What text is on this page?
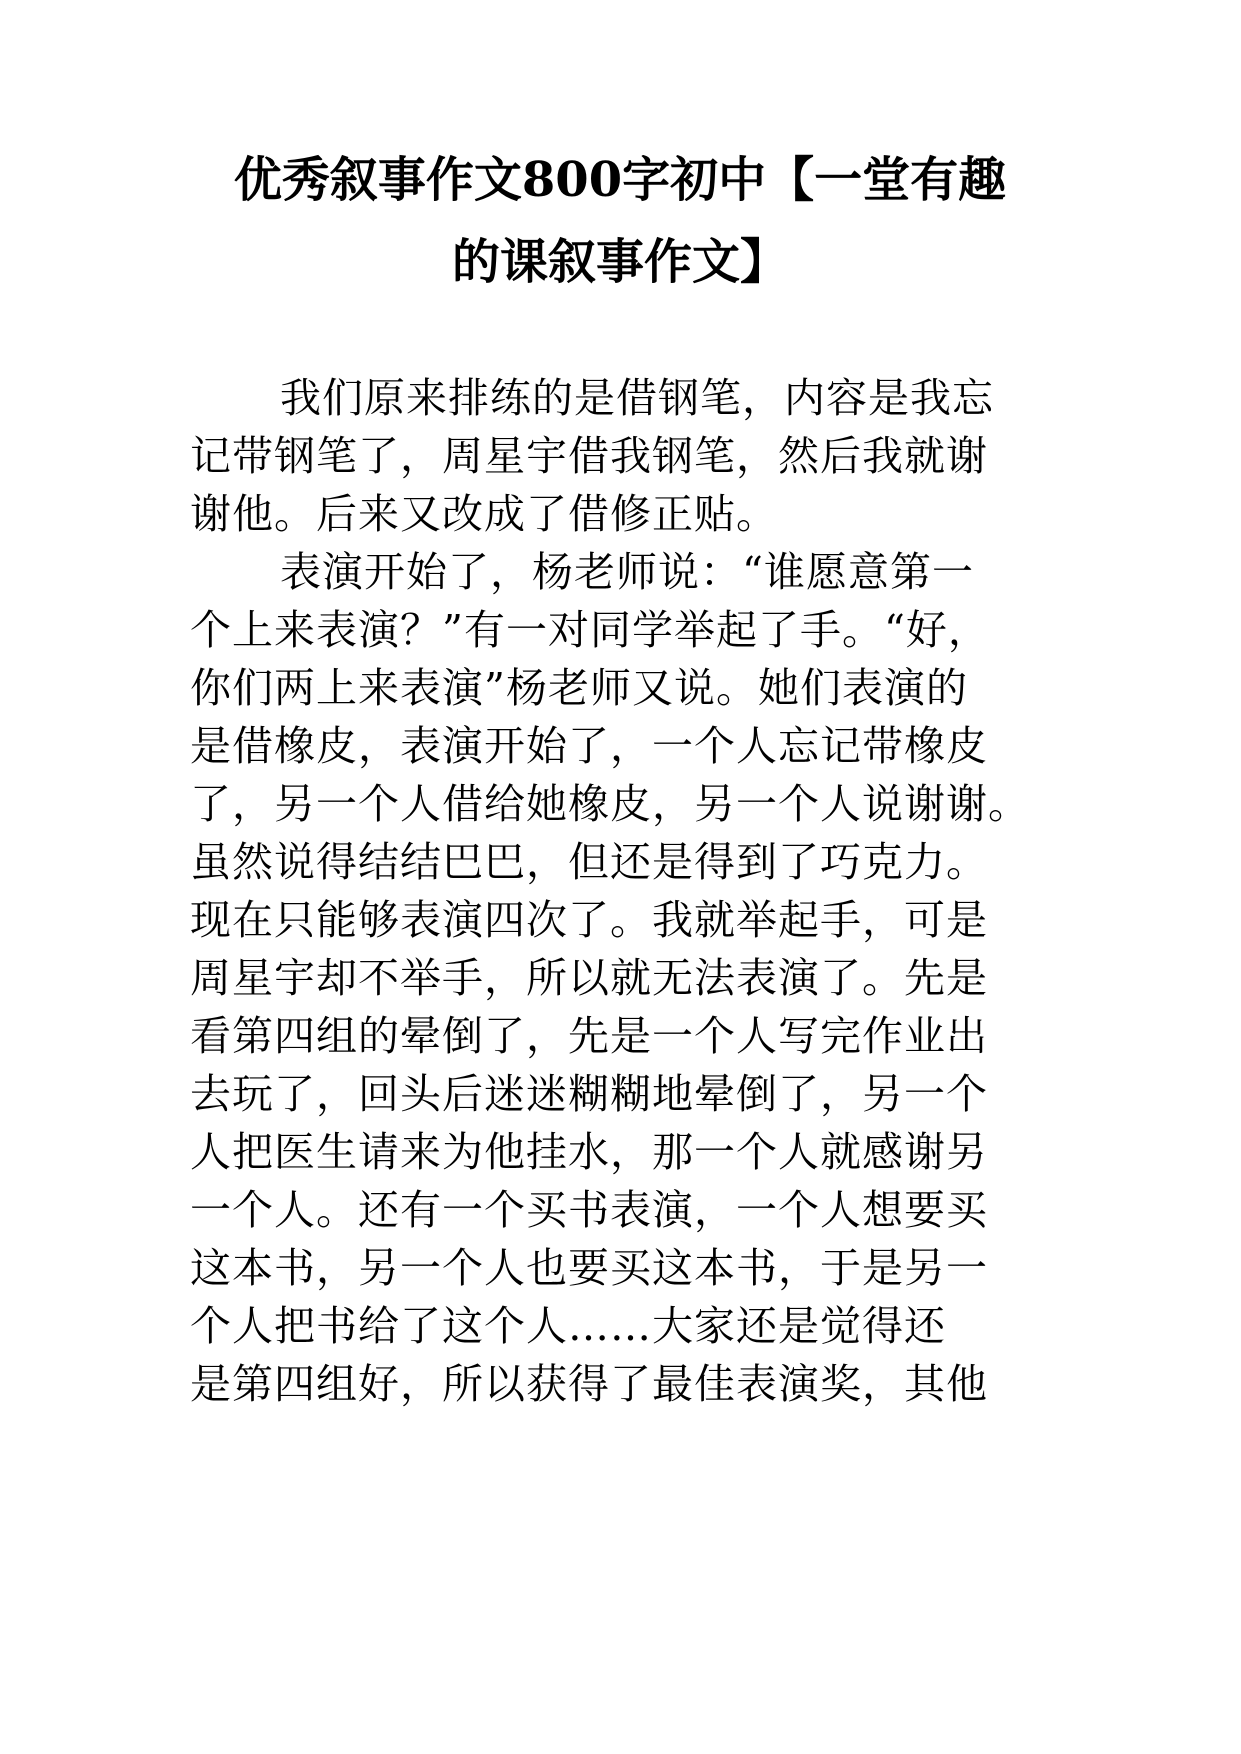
优秀叙事作文800字初中【一堂有趣
的课叙事作文】
我们原来排练的是借钢笔，内容是我忘
记带钢笔了，周星宇借我钢笔，然后我就谢
谢他。后来又改成了借修正贴。
表演开始了，杨老师说：“谁愿意第一
个上来表演？”有一对同学举起了手。“好，
你们两上来表演”杨老师又说。她们表演的
是借橡皮，表演开始了，一个人忘记带橡皮
了，另一个人借给她橡皮，另一个人说谢谢。
虽然说得结结巴巴，但还是得到了巧克力。
现在只能够表演四次了。我就举起手，可是
周星宇却不举手，所以就无法表演了。先是
看第四组的晕倒了，先是一个人写完作业出
去玩了，回头后迷迷糊糊地晕倒了，另一个
人把医生请来为他挂水，那一个人就感谢另
一个人。还有一个买书表演，一个人想要买
这本书，另一个人也要买这本书，于是另一
个人把书给了这个人……大家还是觉得还
是第四组好，所以获得了最佳表演奖，其他
